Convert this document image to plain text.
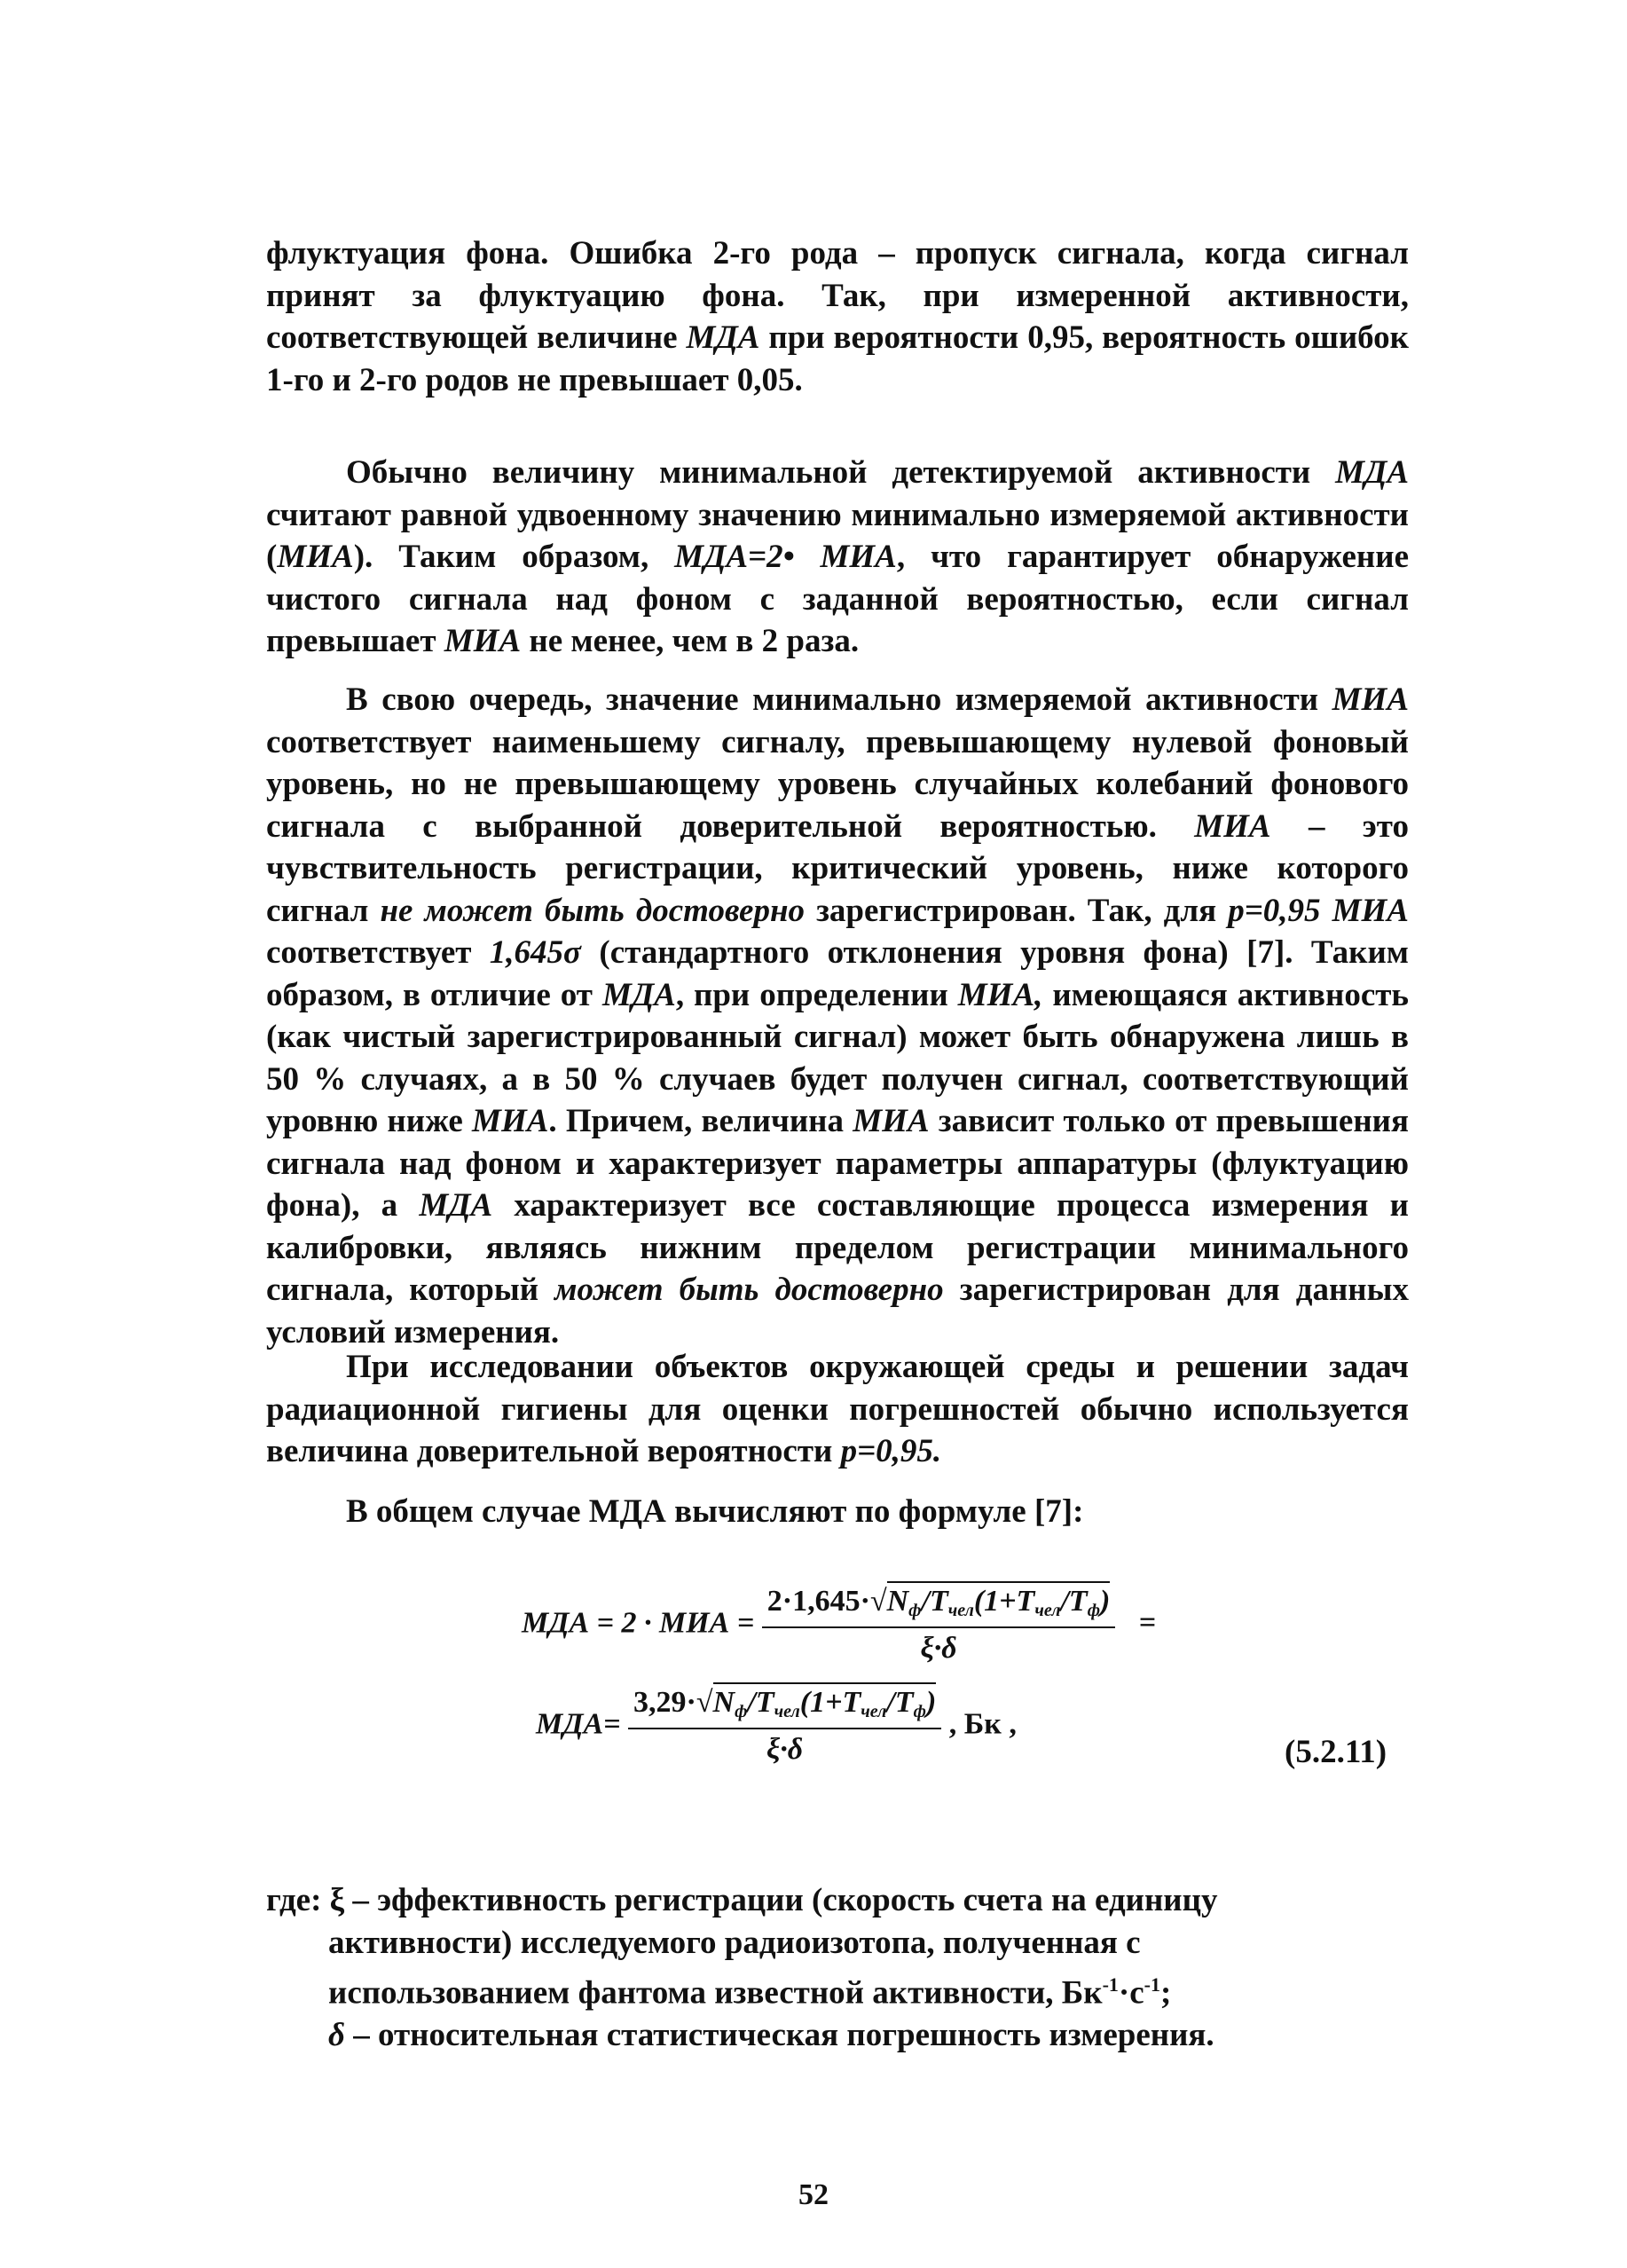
флуктуация фона. Ошибка 2-го рода – пропуск сигнала, когда сигнал принят за флуктуацию фона. Так, при измеренной активности, соответствующей величине МДА при вероятности 0,95, вероятность ошибок 1-го и 2-го родов не превышает 0,05.

Обычно величину минимальной детектируемой активности МДА считают равной удвоенному значению минимально измеряемой активности (МИА). Таким образом, МДА=2• МИА, что гарантирует обнаружение чистого сигнала над фоном с заданной вероятностью, если сигнал превышает МИА не менее, чем в 2 раза.

В свою очередь, значение минимально измеряемой активности МИА соответствует наименьшему сигналу, превышающему нулевой фоновый уровень, но не превышающему уровень случайных колебаний фонового сигнала с выбранной доверительной вероятностью. МИА – это чувствительность регистрации, критический уровень, ниже которого сигнал не может быть достоверно зарегистрирован. Так, для p=0,95 МИА соответствует 1,645σ (стандартного отклонения уровня фона) [7]. Таким образом, в отличие от МДА, при определении МИА, имеющаяся активность (как чистый зарегистрированный сигнал) может быть обнаружена лишь в 50 % случаях, а в 50 % случаев будет получен сигнал, соответствующий уровню ниже МИА. Причем, величина МИА зависит только от превышения сигнала над фоном и характеризует параметры аппаратуры (флуктуацию фона), а МДА характеризует все составляющие процесса измерения и калибровки, являясь нижним пределом регистрации минимального сигнала, который может быть достоверно зарегистрирован для данных условий измерения.

При исследовании объектов окружающей среды и решении задач радиационной гигиены для оценки погрешностей обычно используется величина доверительной вероятности p=0,95.

В общем случае МДА вычисляют по формуле [7]:

МДА = 2 · МИА = $\frac{2\cdot 1,645\cdot√N_ф/T_{чел}(1+T_{чел}/T_ф)}{\xi\cdot\delta}$ =
$МДА= \frac{3,29\cdot√N_ф/T_{чел}(1+T_{чел}/T_ф)}{\xi\cdot\delta}$ , Бк ,
(5.2.11)
где: ξ – эффективность регистрации (скорость счета на единицу
активности) исследуемого радиоизотопа, полученная с
использованием фантома известной активности, $Бк^{-1}\cdot с^{-1}$;
δ – относительная статистическая погрешность измерения.
52
